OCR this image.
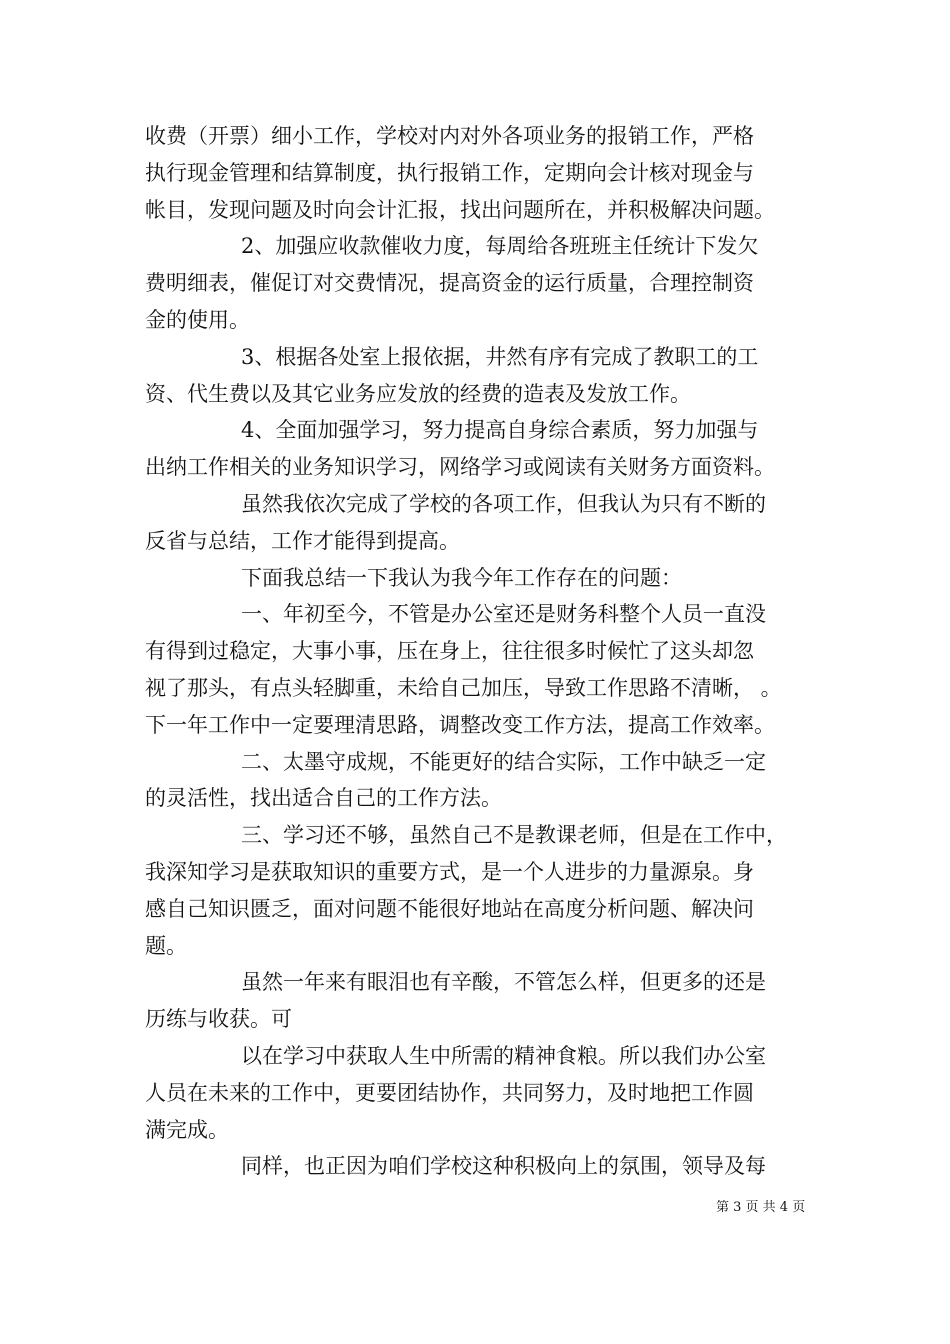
收费（开票）细小工作，学校对内对外各项业务的报销工作，严格
执行现金管理和结算制度，执行报销工作，定期向会计核对现金与
帐目，发现问题及时向会计汇报，找出问题所在，并积极解决问题。
2、加强应收款催收力度，每周给各班班主任统计下发欠
费明细表，催促订对交费情况，提高资金的运行质量，合理控制资
金的使用。
3、根据各处室上报依据，井然有序有完成了教职工的工
资、代生费以及其它业务应发放的经费的造表及发放工作。
4、全面加强学习，努力提高自身综合素质，努力加强与
出纳工作相关的业务知识学习，网络学习或阅读有关财务方面资料。
虽然我依次完成了学校的各项工作，但我认为只有不断的
反省与总结，工作才能得到提高。
下面我总结一下我认为我今年工作存在的问题：
一、年初至今，不管是办公室还是财务科整个人员一直没
有得到过稳定，大事小事，压在身上，往往很多时候忙了这头却忽
视了那头，有点头轻脚重，未给自己加压，导致工作思路不清晰， 。
下一年工作中一定要理清思路，调整改变工作方法，提高工作效率。
二、太墨守成规，不能更好的结合实际，工作中缺乏一定
的灵活性，找出适合自己的工作方法。
三、学习还不够，虽然自己不是教课老师，但是在工作中，
我深知学习是获取知识的重要方式，是一个人进步的力量源泉。身
感自己知识匮乏，面对问题不能很好地站在高度分析问题、解决问
题。
虽然一年来有眼泪也有辛酸，不管怎么样，但更多的还是
历练与收获。可
以在学习中获取人生中所需的精神食粮。所以我们办公室
人员在未来的工作中，更要团结协作，共同努力，及时地把工作圆
满完成。
同样，也正因为咱们学校这种积极向上的氛围，领导及每
第 3 页 共 4 页
